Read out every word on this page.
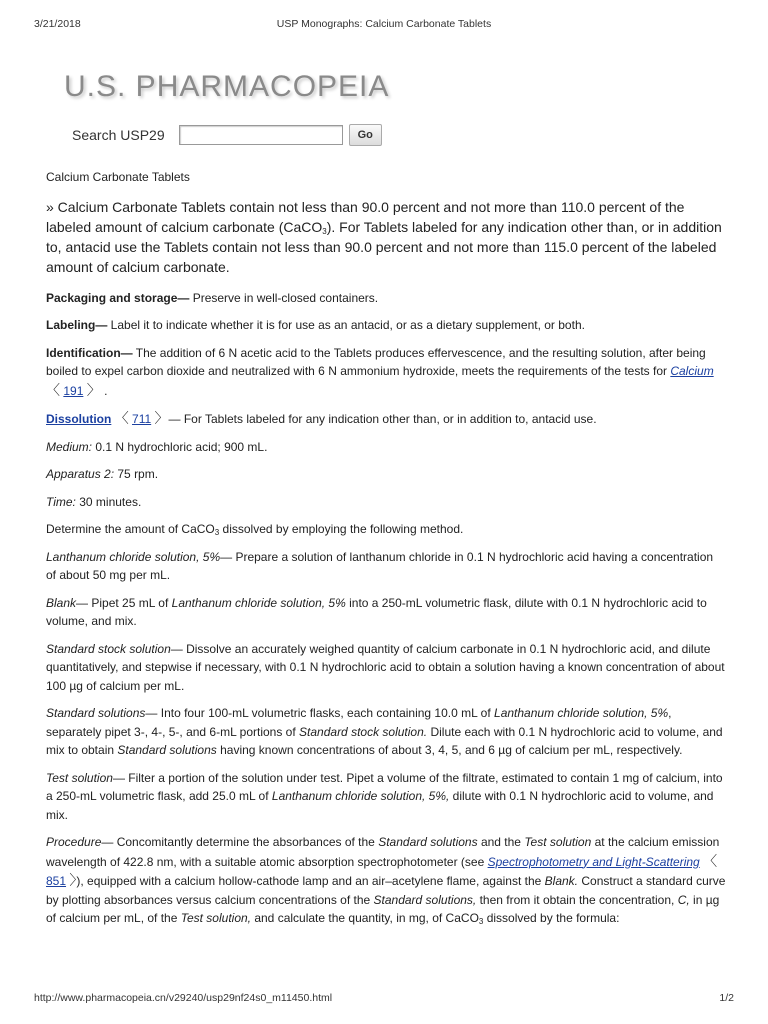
3/21/2018	USP Monographs: Calcium Carbonate Tablets
U.S. PHARMACOPEIA
Search USP29	Go

Calcium Carbonate Tablets

» Calcium Carbonate Tablets contain not less than 90.0 percent and not more than 110.0 percent of the labeled amount of calcium carbonate (CaCO$_3$). For Tablets labeled for any indication other than, or in addition to, antacid use the Tablets contain not less than 90.0 percent and not more than 115.0 percent of the labeled amount of calcium carbonate.

Packaging and storage— Preserve in well-closed containers.

Labeling— Label it to indicate whether it is for use as an antacid, or as a dietary supplement, or both.

Identification— The addition of 6 N acetic acid to the Tablets produces effervescence, and the resulting solution, after being boiled to expel carbon dioxide and neutralized with 6 N ammonium hydroxide, meets the requirements of the tests for Calcium 〈 191 〉 .

Dissolution 〈 711 〉— For Tablets labeled for any indication other than, or in addition to, antacid use.

Medium: 0.1 N hydrochloric acid; 900 mL.

Apparatus 2: 75 rpm.

Time: 30 minutes.

Determine the amount of CaCO$_3$ dissolved by employing the following method.

Lanthanum chloride solution, 5%— Prepare a solution of lanthanum chloride in 0.1 N hydrochloric acid having a concentration of about 50 mg per mL.

Blank— Pipet 25 mL of Lanthanum chloride solution, 5% into a 250-mL volumetric flask, dilute with 0.1 N hydrochloric acid to volume, and mix.

Standard stock solution— Dissolve an accurately weighed quantity of calcium carbonate in 0.1 N hydrochloric acid, and dilute quantitatively, and stepwise if necessary, with 0.1 N hydrochloric acid to obtain a solution having a known concentration of about 100 µg of calcium per mL.

Standard solutions— Into four 100-mL volumetric flasks, each containing 10.0 mL of Lanthanum chloride solution, 5%, separately pipet 3-, 4-, 5-, and 6-mL portions of Standard stock solution. Dilute each with 0.1 N hydrochloric acid to volume, and mix to obtain Standard solutions having known concentrations of about 3, 4, 5, and 6 µg of calcium per mL, respectively.

Test solution— Filter a portion of the solution under test. Pipet a volume of the filtrate, estimated to contain 1 mg of calcium, into a 250-mL volumetric flask, add 25.0 mL of Lanthanum chloride solution, 5%, dilute with 0.1 N hydrochloric acid to volume, and mix.

Procedure— Concomitantly determine the absorbances of the Standard solutions and the Test solution at the calcium emission wavelength of 422.8 nm, with a suitable atomic absorption spectrophotometer (see Spectrophotometry and Light-Scattering 〈 851 〉), equipped with a calcium hollow-cathode lamp and an air–acetylene flame, against the Blank. Construct a standard curve by plotting absorbances versus calcium concentrations of the Standard solutions, then from it obtain the concentration, C, in µg of calcium per mL, of the Test solution, and calculate the quantity, in mg, of CaCO$_3$ dissolved by the formula:

http://www.pharmacopeia.cn/v29240/usp29nf24s0_m11450.html	1/2
